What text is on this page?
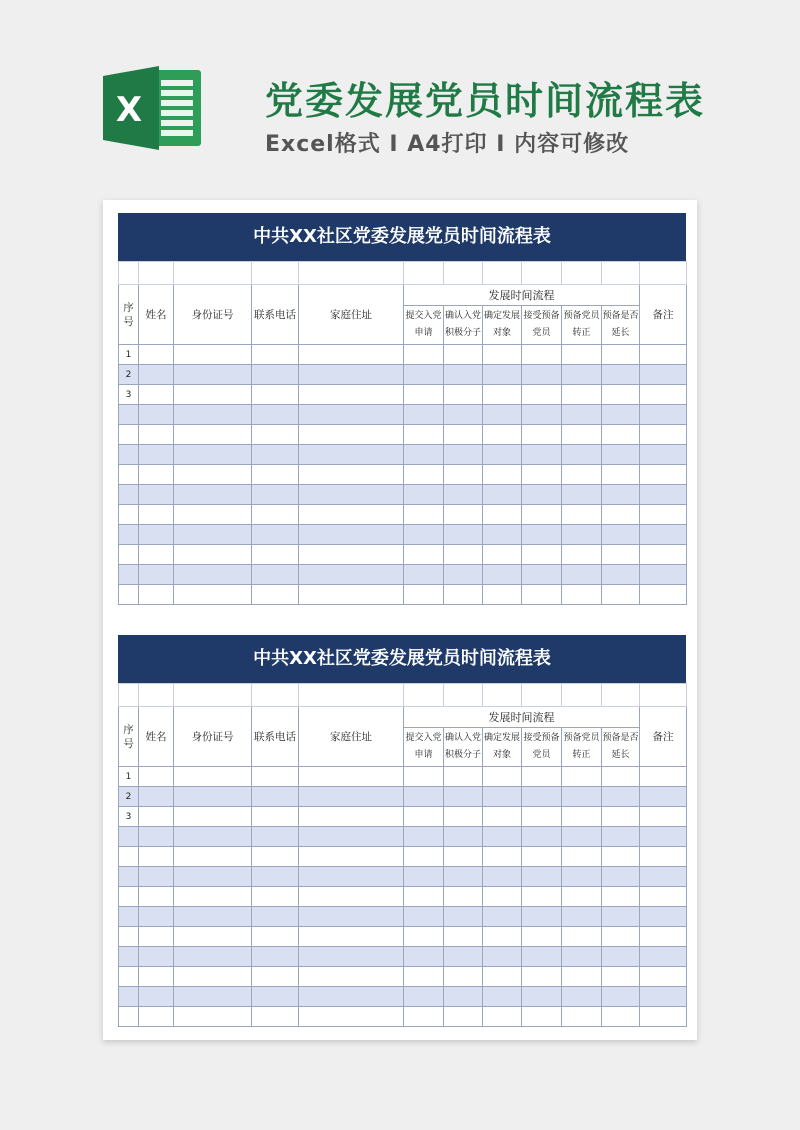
X	党委发展党员时间流程表
Excel格式 I A4打印 I 内容可修改
中共XX社区党委发展党员时间流程表

序号	姓名	身份证号	联系电话	家庭住址	发展时间流程						备注
					提交入党申请	确认入党积极分子	确定发展对象	接受预备党员	预备党员转正	预备是否延长	
1											
2											
3											

中共XX社区党委发展党员时间流程表

序号	姓名	身份证号	联系电话	家庭住址	发展时间流程						备注
					提交入党申请	确认入党积极分子	确定发展对象	接受预备党员	预备党员转正	预备是否延长	
1											
2											
3											
